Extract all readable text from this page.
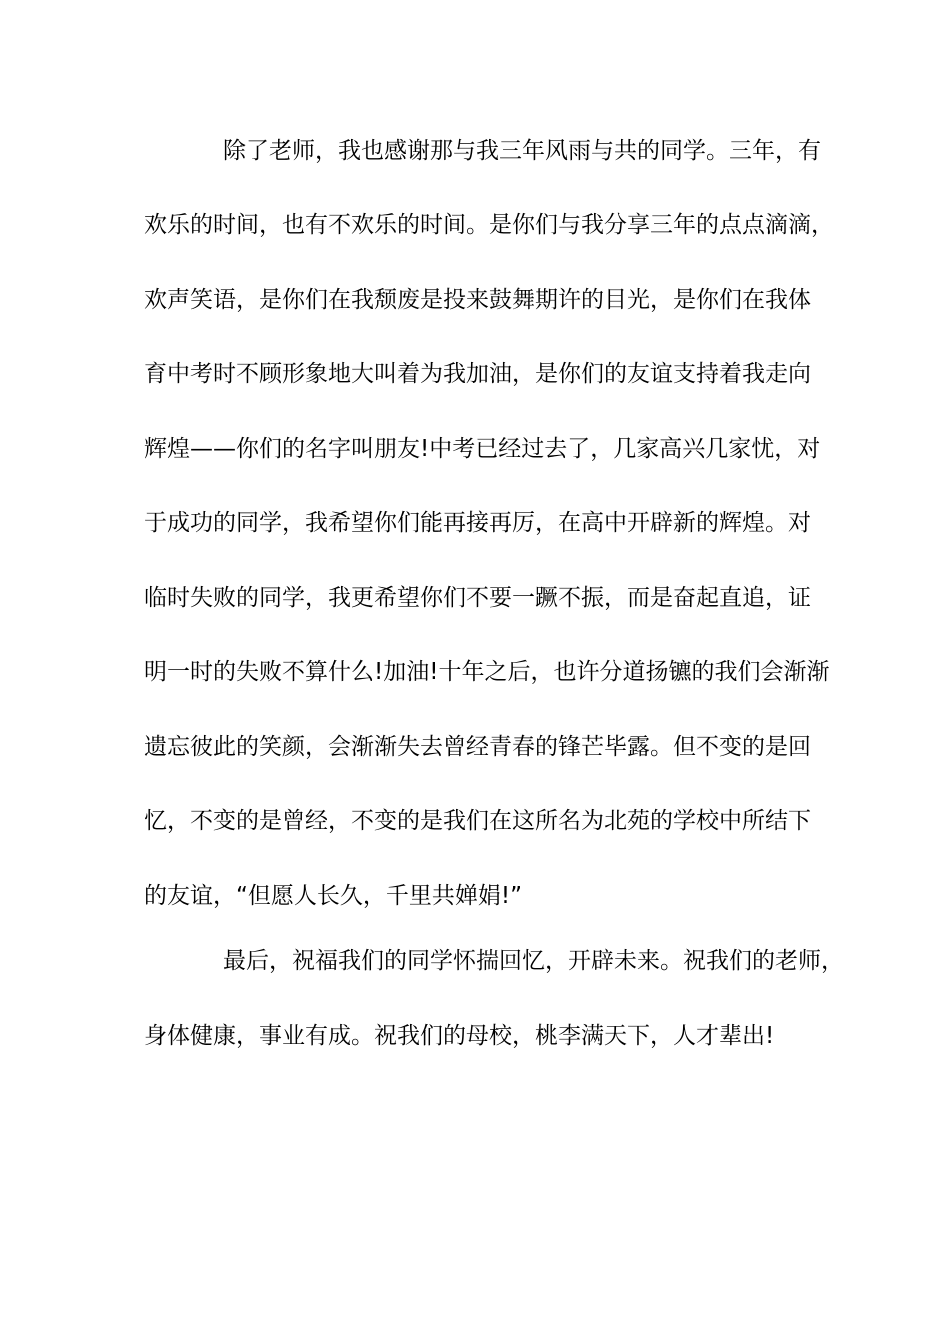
除了老师，我也感谢那与我三年风雨与共的同学。三年，有
欢乐的时间，也有不欢乐的时间。是你们与我分享三年的点点滴滴，
欢声笑语，是你们在我颓废是投来鼓舞期许的目光，是你们在我体
育中考时不顾形象地大叫着为我加油，是你们的友谊支持着我走向
辉煌——你们的名字叫朋友!中考已经过去了，几家高兴几家忧，对
于成功的同学，我希望你们能再接再厉，在高中开辟新的辉煌。对
临时失败的同学，我更希望你们不要一蹶不振，而是奋起直追，证
明一时的失败不算什么!加油!十年之后，也许分道扬镳的我们会渐渐
遗忘彼此的笑颜，会渐渐失去曾经青春的锋芒毕露。但不变的是回
忆，不变的是曾经，不变的是我们在这所名为北苑的学校中所结下
的友谊，“但愿人长久，千里共婵娟!”
最后，祝福我们的同学怀揣回忆，开辟未来。祝我们的老师，
身体健康，事业有成。祝我们的母校，桃李满天下，人才辈出!
